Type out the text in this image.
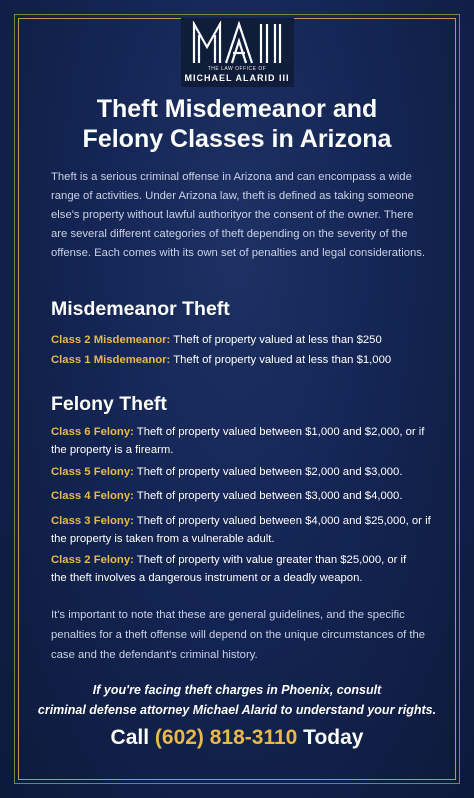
THE LAW OFFICE OF
MICHAEL ALARID III
Theft Misdemeanor and
Felony Classes in Arizona
Theft is a serious criminal offense in Arizona and can encompass a wide range of activities. Under Arizona law, theft is defined as taking someone else's property without lawful authorityor the consent of the owner. There are several different categories of theft depending on the severity of the offense. Each comes with its own set of penalties and legal considerations.
Misdemeanor Theft
Class 2 Misdemeanor: Theft of property valued at less than $250
Class 1 Misdemeanor: Theft of property valued at less than $1,000
Felony Theft
Class 6 Felony: Theft of property valued between $1,000 and $2,000, or if the property is a firearm.
Class 5 Felony: Theft of property valued between $2,000 and $3,000.
Class 4 Felony: Theft of property valued between $3,000 and $4,000.
Class 3 Felony: Theft of property valued between $4,000 and $25,000, or if the property is taken from a vulnerable adult.
Class 2 Felony: Theft of property with value greater than $25,000, or if the theft involves a dangerous instrument or a deadly weapon.
It's important to note that these are general guidelines, and the specific penalties for a theft offense will depend on the unique circumstances of the case and the defendant's criminal history.
If you're facing theft charges in Phoenix, consult
criminal defense attorney Michael Alarid to understand your rights.
Call (602) 818-3110 Today
